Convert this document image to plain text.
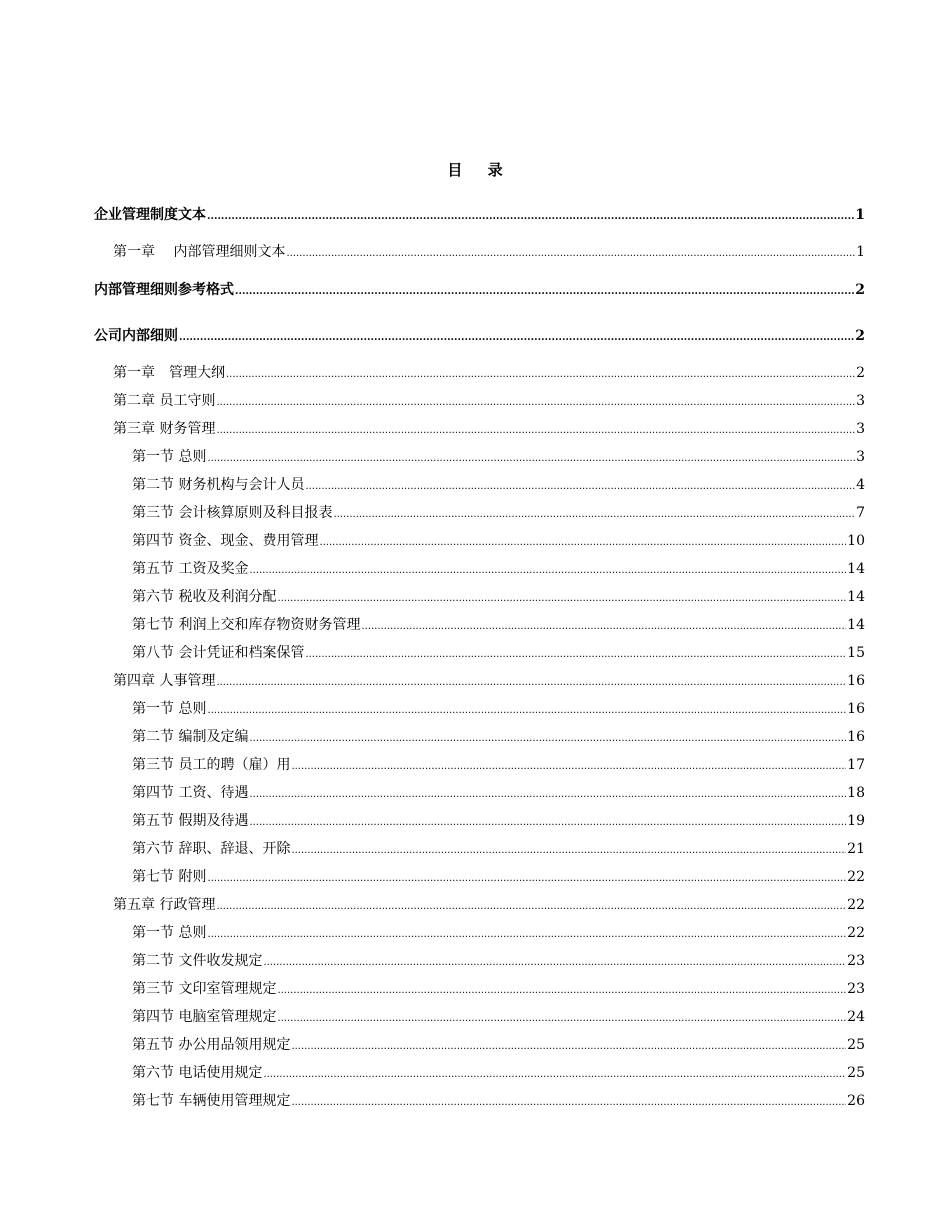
目 录
企业管理制度文本 .....	1
第一章　 内部管理细则文本 .....	1
内部管理细则参考格式 .....	2
公司内部细则 .....	2
第一章　管理大纲 .....	2
第二章 员工守则 .....	3
第三章 财务管理 .....	3
第一节 总则 .....	3
第二节 财务机构与会计人员 .....	4
第三节 会计核算原则及科目报表 .....	7
第四节 资金、现金、费用管理 .....	10
第五节 工资及奖金 .....	14
第六节 税收及利润分配 .....	14
第七节 利润上交和库存物资财务管理 .....	14
第八节 会计凭证和档案保管 .....	15
第四章 人事管理 .....	16
第一节 总则 .....	16
第二节 编制及定编 .....	16
第三节 员工的聘（雇）用 .....	17
第四节 工资、待遇 .....	18
第五节 假期及待遇 .....	19
第六节 辞职、辞退、开除 .....	21
第七节 附则 .....	22
第五章 行政管理 .....	22
第一节 总则 .....	22
第二节 文件收发规定 .....	23
第三节 文印室管理规定 .....	23
第四节 电脑室管理规定 .....	24
第五节 办公用品领用规定 .....	25
第六节 电话使用规定 .....	25
第七节 车辆使用管理规定 .....	26
